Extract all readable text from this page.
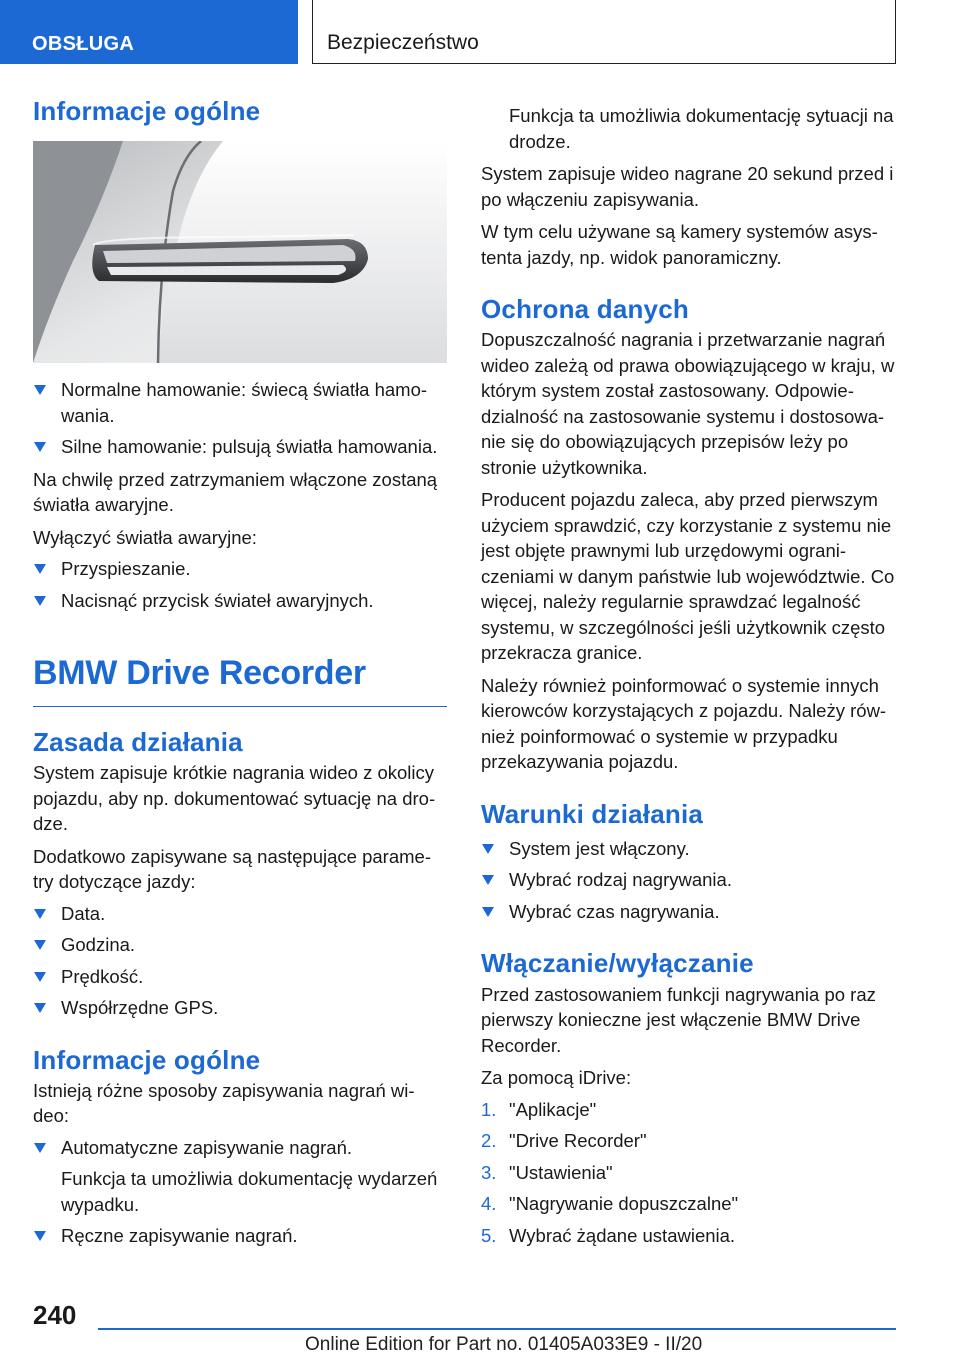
OBSŁUGA	Bezpieczeństwo
Informacje ogólne
Normalne hamowanie: świecą światła hamo-wania.
Silne hamowanie: pulsują światła hamowania.

Na chwilę przed zatrzymaniem włączone zostaną światła awaryjne.

Wyłączyć światła awaryjne:

Przyspieszanie.
Nacisnąć przycisk świateł awaryjnych.
BMW Drive Recorder
Zasada działania

System zapisuje krótkie nagrania wideo z okolicy pojazdu, aby np. dokumentować sytuację na dro-dze.

Dodatkowo zapisywane są następujące parame-try dotyczące jazdy:

Data.
Godzina.
Prędkość.
Współrzędne GPS.
Informacje ogólne

Istnieją różne sposoby zapisywania nagrań wi-deo:

Automatyczne zapisywanie nagrań.
Funkcja ta umożliwia dokumentację wydarzeń wypadku.
Ręczne zapisywanie nagrań.
Funkcja ta umożliwia dokumentację sytuacji na drodze.

System zapisuje wideo nagrane 20 sekund przed i po włączeniu zapisywania.

W tym celu używane są kamery systemów asys-tenta jazdy, np. widok panoramiczny.

Ochrona danych

Dopuszczalność nagrania i przetwarzanie nagrań wideo zależą od prawa obowiązującego w kraju, w którym system został zastosowany. Odpowie-dzialność na zastosowanie systemu i dostosowa-nie się do obowiązujących przepisów leży po stronie użytkownika.

Producent pojazdu zaleca, aby przed pierwszym użyciem sprawdzić, czy korzystanie z systemu nie jest objęte prawnymi lub urzędowymi ograni-czeniami w danym państwie lub województwie. Co więcej, należy regularnie sprawdzać legalność systemu, w szczególności jeśli użytkownik często przekracza granice.

Należy również poinformować o systemie innych kierowców korzystających z pojazdu. Należy rów-nież poinformować o systemie w przypadku przekazywania pojazdu.

Warunki działania
System jest włączony.
Wybrać rodzaj nagrywania.
Wybrać czas nagrywania.
Włączanie/wyłączanie

Przed zastosowaniem funkcji nagrywania po raz pierwszy konieczne jest włączenie BMW Drive Recorder.

Za pomocą iDrive:

1. "Aplikacje"
2. "Drive Recorder"
3. "Ustawienia"
4. "Nagrywanie dopuszczalne"
5. Wybrać żądane ustawienia.
240
Online Edition for Part no. 01405A033E9 - II/20
